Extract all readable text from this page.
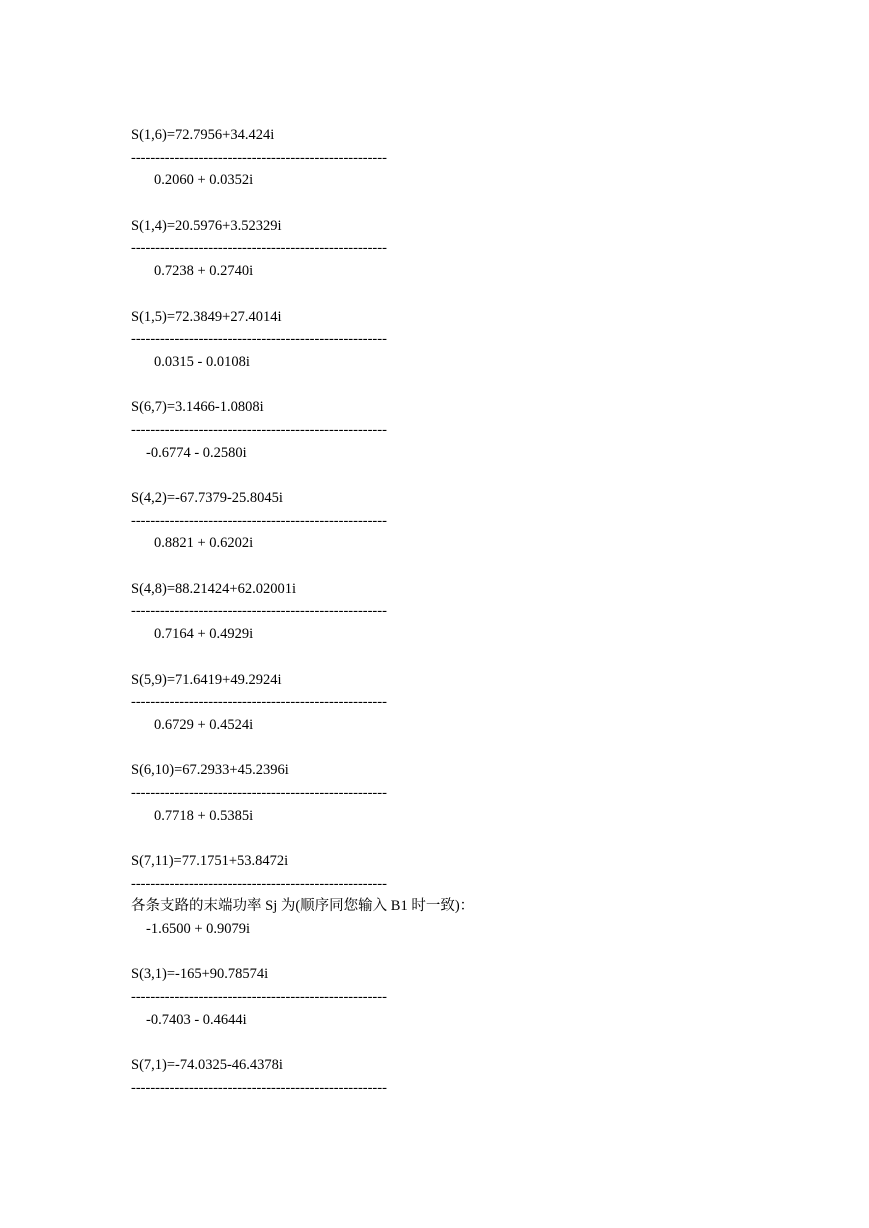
S(1,6)=72.7956+34.424i
-----------------------------------------------------
0.2060 + 0.0352i
S(1,4)=20.5976+3.52329i
-----------------------------------------------------
0.7238 + 0.2740i
S(1,5)=72.3849+27.4014i
-----------------------------------------------------
0.0315 - 0.0108i
S(6,7)=3.1466-1.0808i
-----------------------------------------------------
-0.6774 - 0.2580i
S(4,2)=-67.7379-25.8045i
-----------------------------------------------------
0.8821 + 0.6202i
S(4,8)=88.21424+62.02001i
-----------------------------------------------------
0.7164 + 0.4929i
S(5,9)=71.6419+49.2924i
-----------------------------------------------------
0.6729 + 0.4524i
S(6,10)=67.2933+45.2396i
-----------------------------------------------------
0.7718 + 0.5385i
S(7,11)=77.1751+53.8472i
-----------------------------------------------------
各条支路的末端功率 Sj 为(顺序同您输入 B1 时一致)：
-1.6500 + 0.9079i
S(3,1)=-165+90.78574i
-----------------------------------------------------
-0.7403 - 0.4644i
S(7,1)=-74.0325-46.4378i
-----------------------------------------------------
